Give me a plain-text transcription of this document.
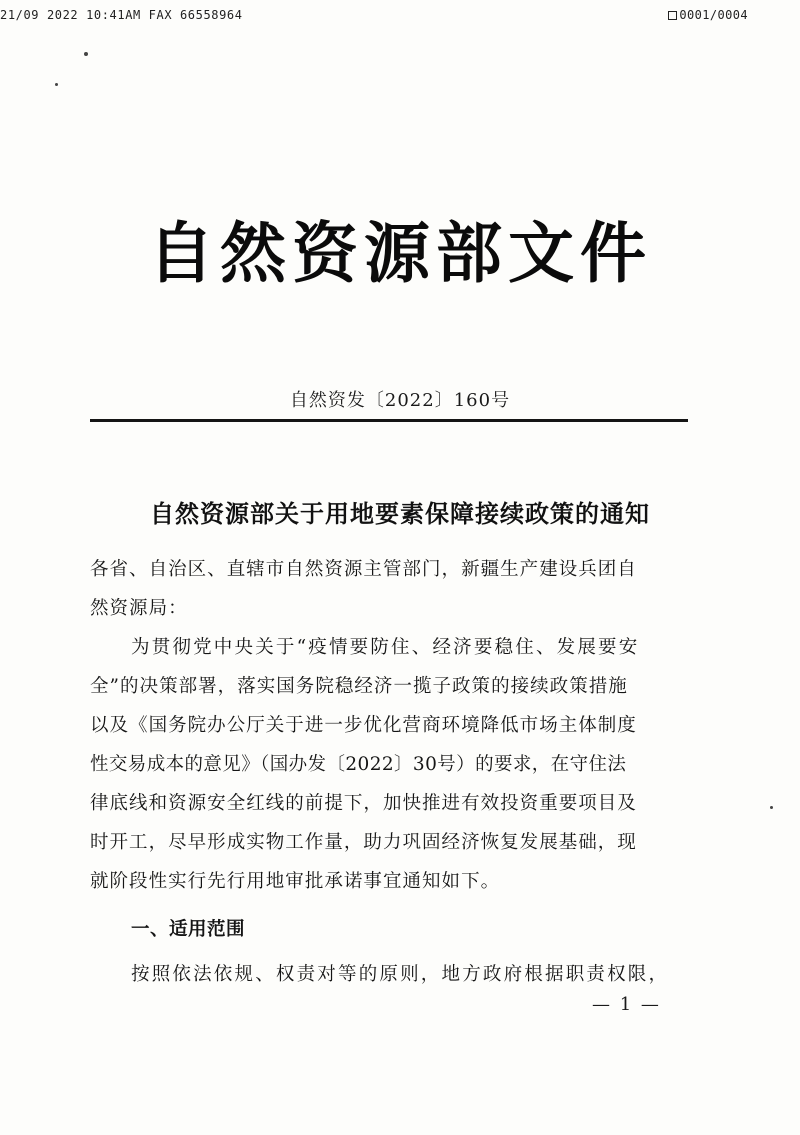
21/09 2022 10:41AM FAX 66558964	0001/0004
自然资源部文件
自然资发〔2022〕160号
自然资源部关于用地要素保障接续政策的通知
各省、自治区、直辖市自然资源主管部门，新疆生产建设兵团自
然资源局：
为贯彻党中央关于“疫情要防住、经济要稳住、发展要安
全”的决策部署，落实国务院稳经济一揽子政策的接续政策措施
以及《国务院办公厅关于进一步优化营商环境降低市场主体制度
性交易成本的意见》（国办发〔2022〕30号）的要求，在守住法
律底线和资源安全红线的前提下，加快推进有效投资重要项目及
时开工，尽早形成实物工作量，助力巩固经济恢复发展基础，现
就阶段性实行先行用地审批承诺事宜通知如下。
一、适用范围
按照依法依规、权责对等的原则，地方政府根据职责权限，
— 1 —
